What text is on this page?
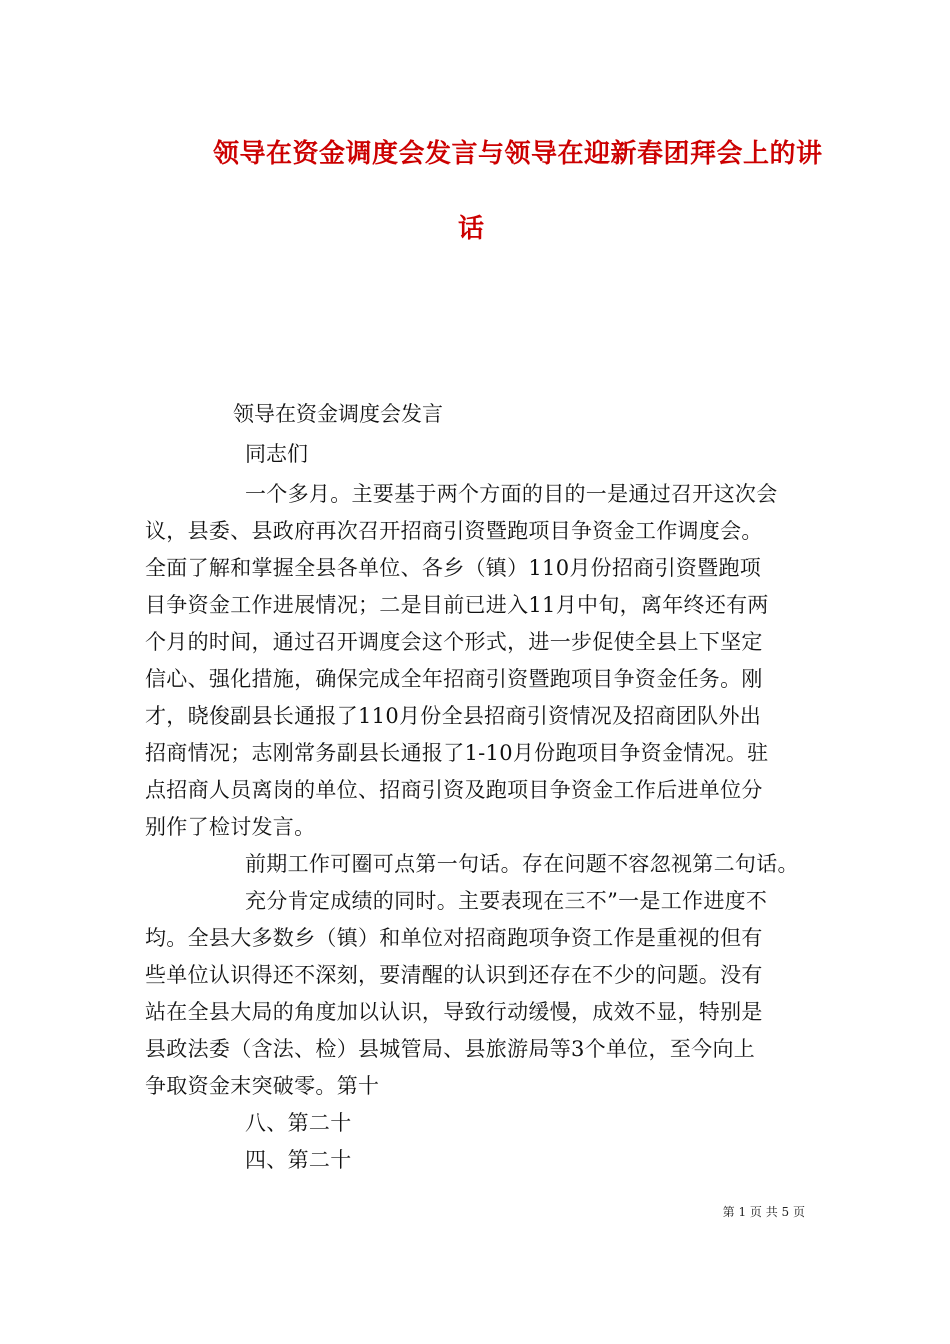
领导在资金调度会发言与领导在迎新春团拜会上的讲
话
领导在资金调度会发言
同志们
一个多月。主要基于两个方面的目的一是通过召开这次会
议，县委、县政府再次召开招商引资暨跑项目争资金工作调度会。
全面了解和掌握全县各单位、各乡（镇）110月份招商引资暨跑项
目争资金工作进展情况；二是目前已进入11月中旬，离年终还有两
个月的时间，通过召开调度会这个形式，进一步促使全县上下坚定
信心、强化措施，确保完成全年招商引资暨跑项目争资金任务。刚
才，晓俊副县长通报了110月份全县招商引资情况及招商团队外出
招商情况；志刚常务副县长通报了1-10月份跑项目争资金情况。驻
点招商人员离岗的单位、招商引资及跑项目争资金工作后进单位分
别作了检讨发言。
前期工作可圈可点第一句话。存在问题不容忽视第二句话。
充分肯定成绩的同时。主要表现在三不”一是工作进度不
均。全县大多数乡（镇）和单位对招商跑项争资工作是重视的但有
些单位认识得还不深刻，要清醒的认识到还存在不少的问题。没有
站在全县大局的角度加以认识，导致行动缓慢，成效不显，特别是
县政法委（含法、检）县城管局、县旅游局等3个单位，至今向上
争取资金末突破零。第十
八、第二十
四、第二十
第 1 页 共 5 页
